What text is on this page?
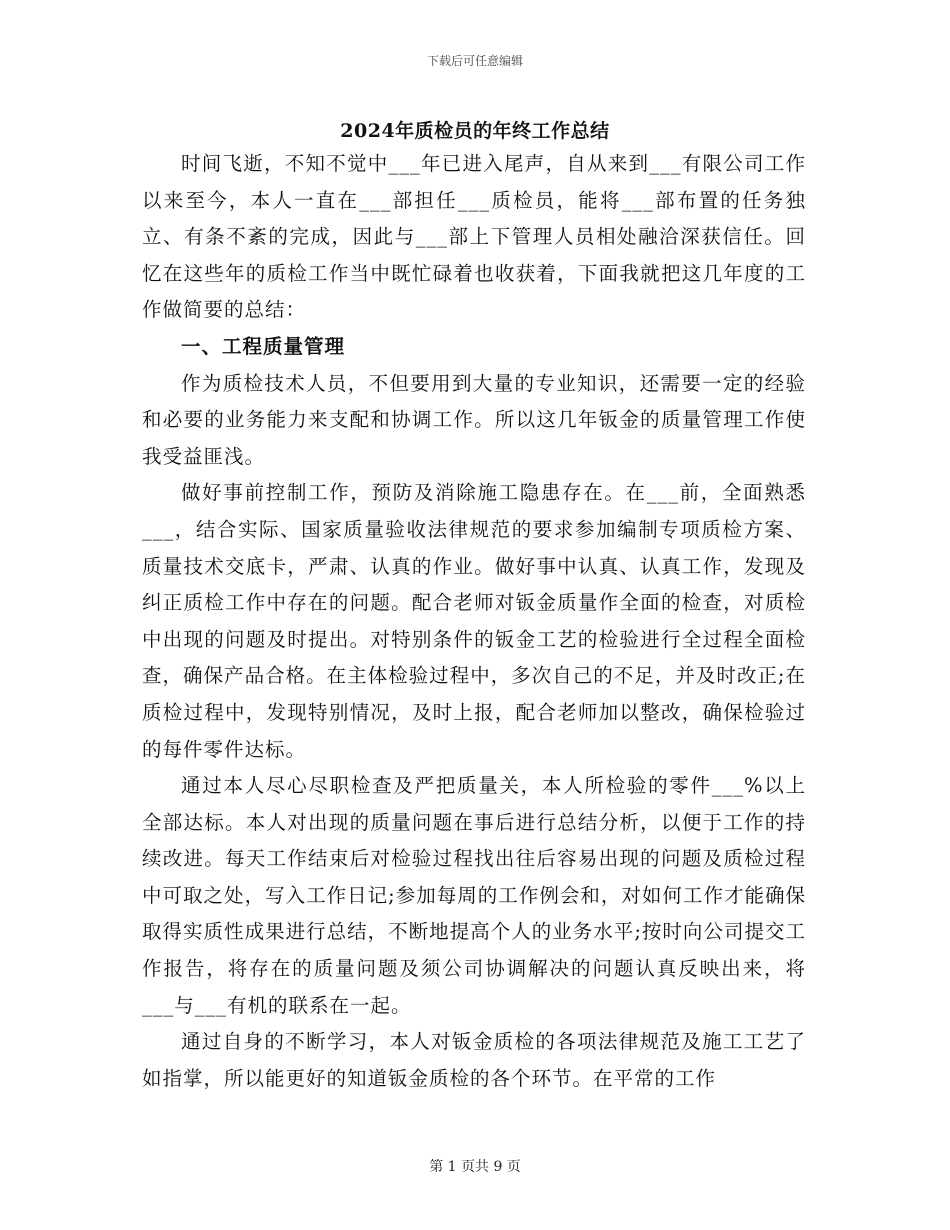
下载后可任意编辑
2024年质检员的年终工作总结

时间飞逝，不知不觉中___年已进入尾声，自从来到___有限公司工作以来至今，本人一直在___部担任___质检员，能将___部布置的任务独立、有条不紊的完成，因此与___部上下管理人员相处融洽深获信任。回忆在这些年的质检工作当中既忙碌着也收获着，下面我就把这几年度的工作做简要的总结：

一、工程质量管理

作为质检技术人员，不但要用到大量的专业知识，还需要一定的经验和必要的业务能力来支配和协调工作。所以这几年钣金的质量管理工作使我受益匪浅。

做好事前控制工作，预防及消除施工隐患存在。在___前，全面熟悉___，结合实际、国家质量验收法律规范的要求参加编制专项质检方案、质量技术交底卡，严肃、认真的作业。做好事中认真、认真工作，发现及纠正质检工作中存在的问题。配合老师对钣金质量作全面的检查，对质检中出现的问题及时提出。对特别条件的钣金工艺的检验进行全过程全面检查，确保产品合格。在主体检验过程中，多次自己的不足，并及时改正;在质检过程中，发现特别情况，及时上报，配合老师加以整改，确保检验过的每件零件达标。

通过本人尽心尽职检查及严把质量关，本人所检验的零件___%以上全部达标。本人对出现的质量问题在事后进行总结分析，以便于工作的持续改进。每天工作结束后对检验过程找出往后容易出现的问题及质检过程中可取之处，写入工作日记;参加每周的工作例会和，对如何工作才能确保取得实质性成果进行总结，不断地提高个人的业务水平;按时向公司提交工作报告，将存在的质量问题及须公司协调解决的问题认真反映出来，将___与___有机的联系在一起。

通过自身的不断学习，本人对钣金质检的各项法律规范及施工工艺了如指掌，所以能更好的知道钣金质检的各个环节。在平常的工作

第 1 页共 9 页
